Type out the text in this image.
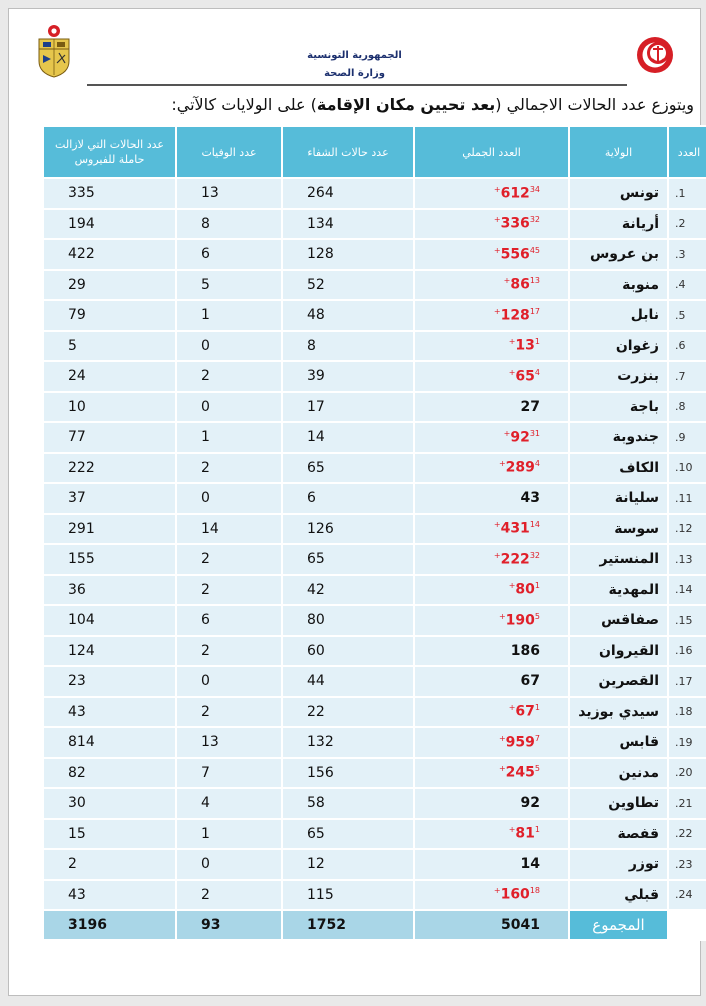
الجمهورية التونسية
وزارة الصحة
ويتوزع عدد الحالات الاجمالي (بعد تحيين مكان الإقامة) على الولايات كالآتي:
العدد	الولاية	العدد الجملي	عدد حالات الشفاء	عدد الوفيات	عدد الحالات التي لازالت حاملة للفيروس
1.	تونس	$612^{34+}$	264	13	335
2.	أريانة	$336^{32+}$	134	8	194
3.	بن عروس	$556^{45+}$	128	6	422
4.	منوبة	$86^{13+}$	52	5	29
5.	نابل	$128^{17+}$	48	1	79
6.	زغوان	$13^{1+}$	8	0	5
7.	بنزرت	$65^{4+}$	39	2	24
8.	باجة	27	17	0	10
9.	جندوبة	$92^{31+}$	14	1	77
10.	الكاف	$289^{4+}$	65	2	222
11.	سليانة	43	6	0	37
12.	سوسة	$431^{14+}$	126	14	291
13.	المنستير	$222^{32+}$	65	2	155
14.	المهدية	$80^{1+}$	42	2	36
15.	صفاقس	$190^{5+}$	80	6	104
16.	القيروان	186	60	2	124
17.	القصرين	67	44	0	23
18.	سيدي بوزيد	$67^{1+}$	22	2	43
19.	قابس	$959^{7+}$	132	13	814
20.	مدنين	$245^{5+}$	156	7	82
21.	تطاوين	92	58	4	30
22.	قفصة	$81^{1+}$	65	1	15
23.	توزر	14	12	0	2
24.	قبلي	$160^{18+}$	115	2	43
	المجموع	5041	1752	93	3196
